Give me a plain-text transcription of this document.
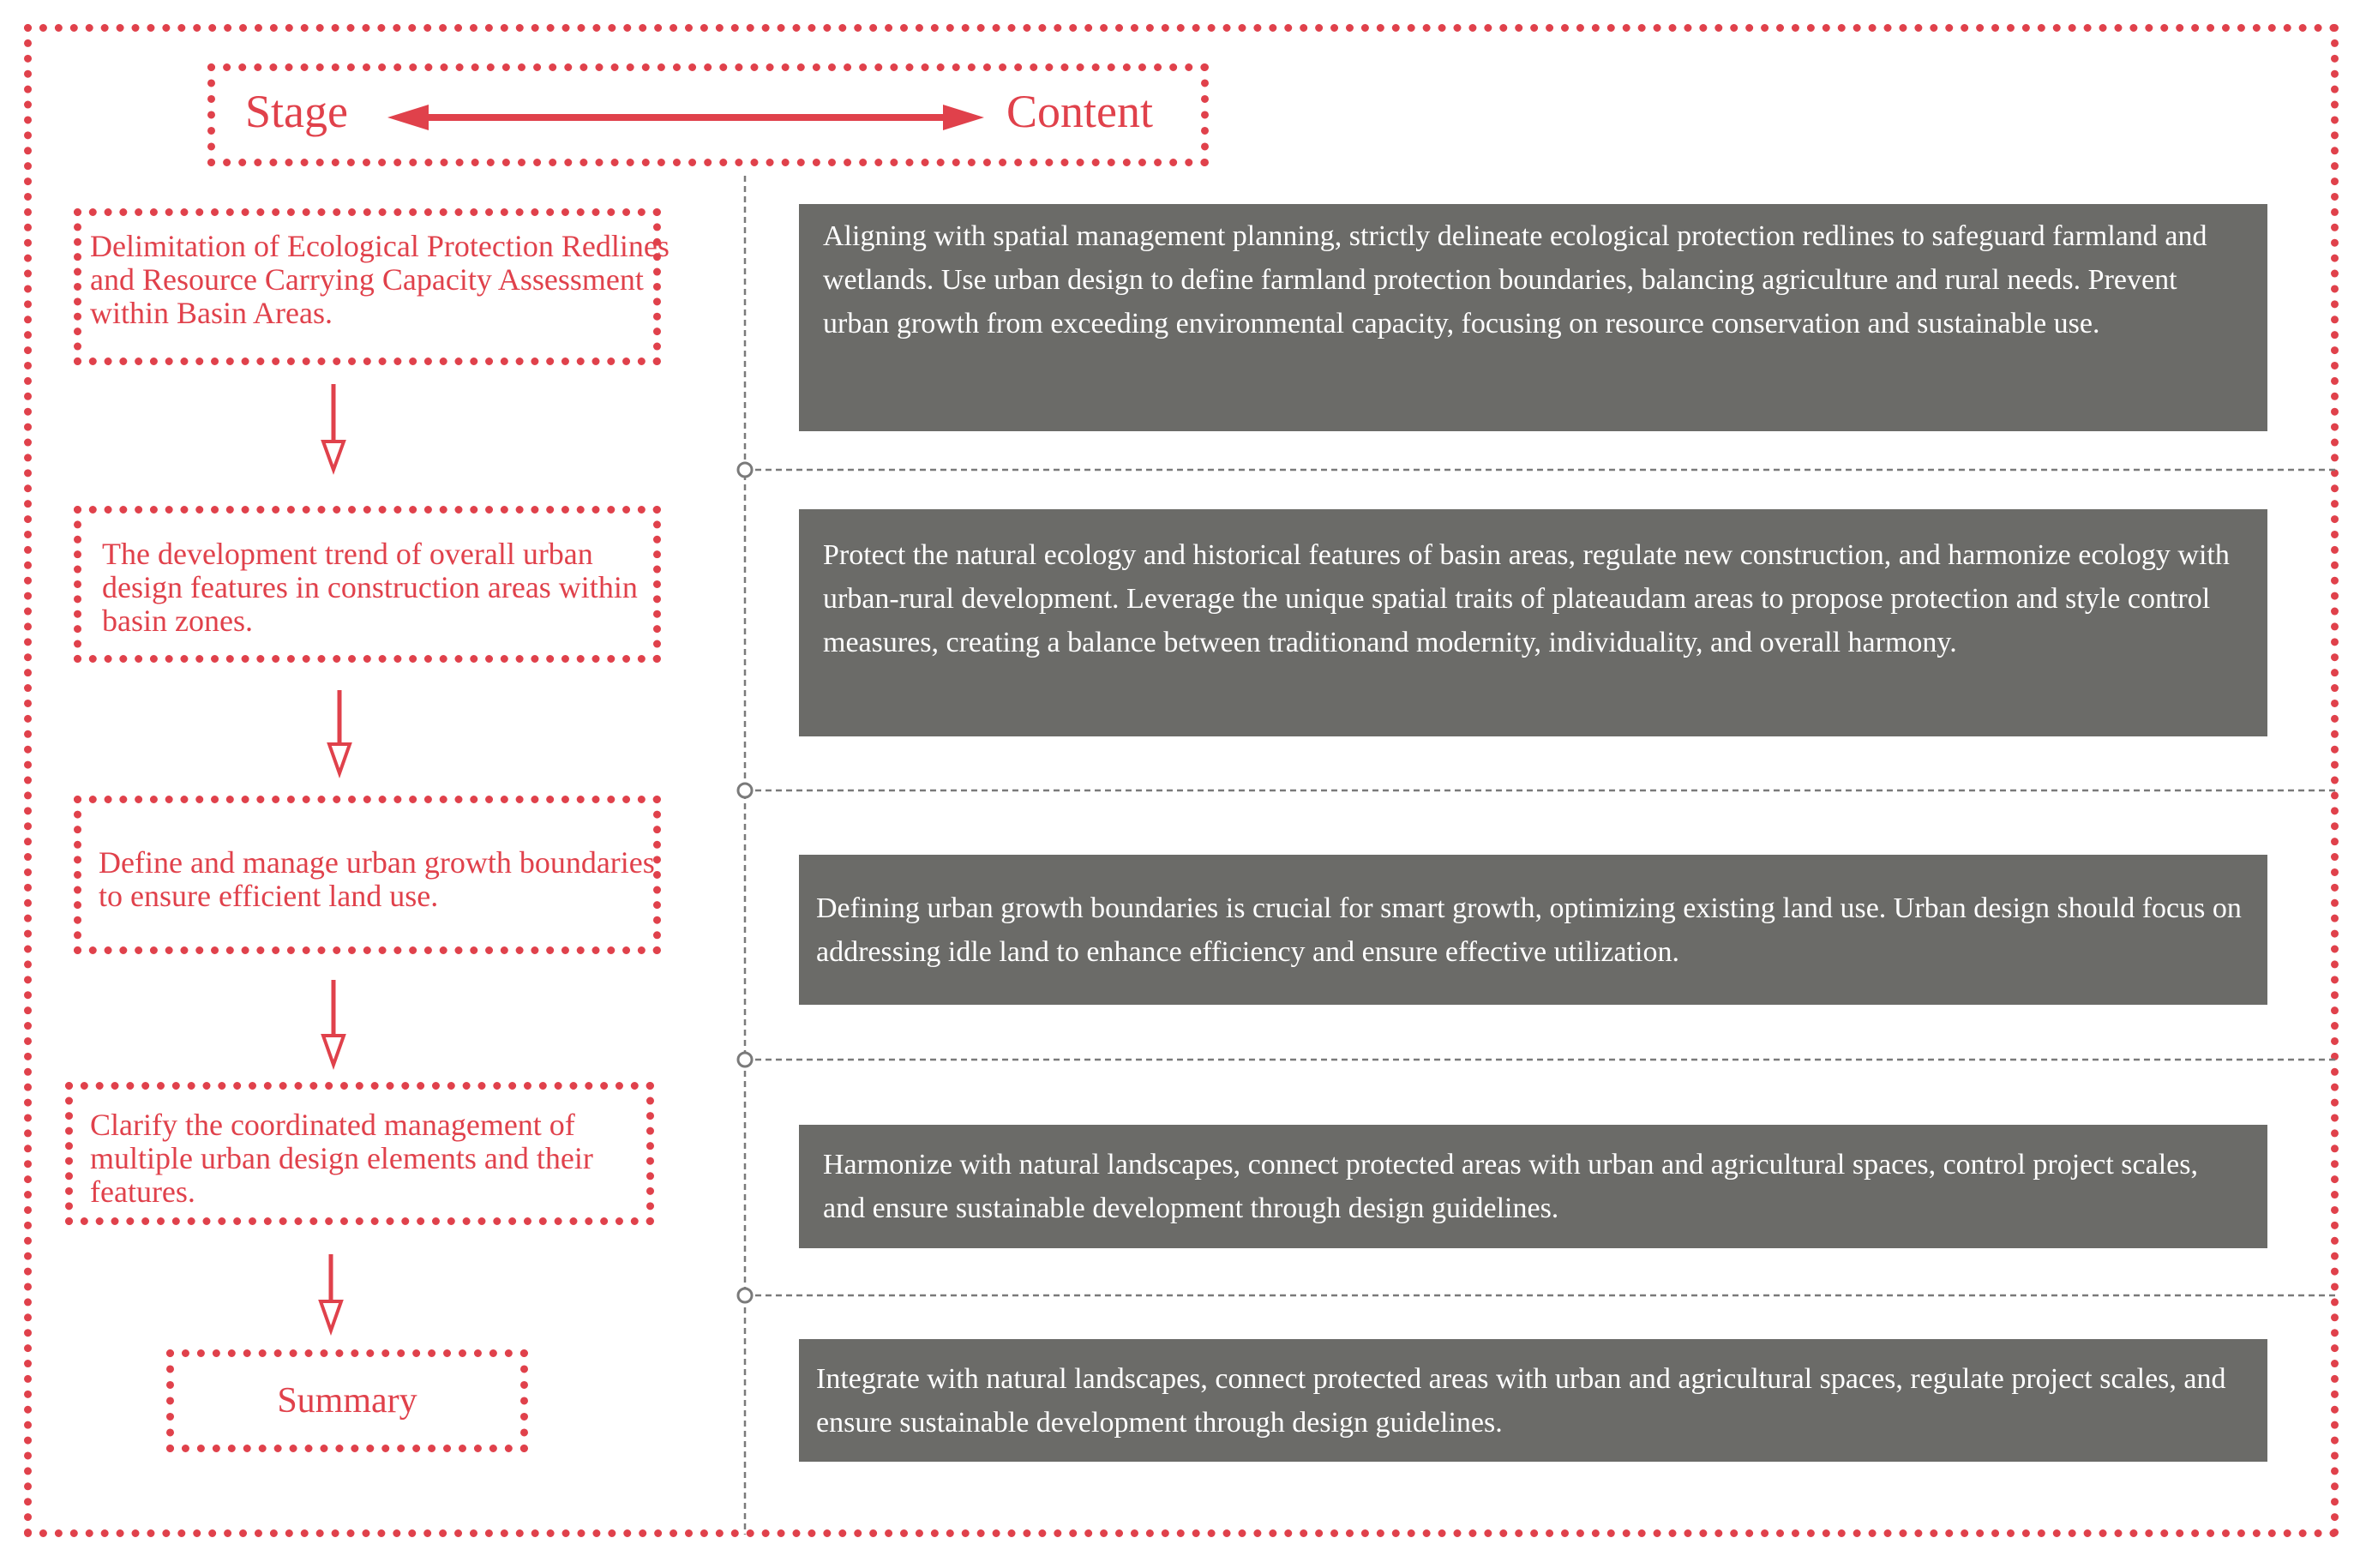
Stage	Content
Delimitation of Ecological Protection Redlines and Resource Carrying Capacity Assessment within Basin Areas.
The development trend of overall urban design features in construction areas within basin zones.
Define and manage urban growth boundaries to ensure efficient land use.
Clarify the coordinated management of multiple urban design elements and their features.
Summary
Aligning with spatial management planning, strictly delineate ecological protection redlines to safeguard farmland and wetlands. Use urban design to define farmland protection boundaries, balancing agriculture and rural needs. Prevent urban growth from exceeding environmental capacity, focusing on resource conservation and sustainable use.
Protect the natural ecology and historical features of basin areas, regulate new construction, and harmonize ecology with urban-rural development. Leverage the unique spatial traits of plateaudam areas to propose protection and style control measures, creating a balance between traditionand modernity, individuality, and overall harmony.
Defining urban growth boundaries is crucial for smart growth, optimizing existing land use. Urban design should focus on addressing idle land to enhance efficiency and ensure effective utilization.
Harmonize with natural landscapes, connect protected areas with urban and agricultural spaces, control project scales, and ensure sustainable development through design guidelines.
Integrate with natural landscapes, connect protected areas with urban and agricultural spaces, regulate project scales, and ensure sustainable development through design guidelines.
